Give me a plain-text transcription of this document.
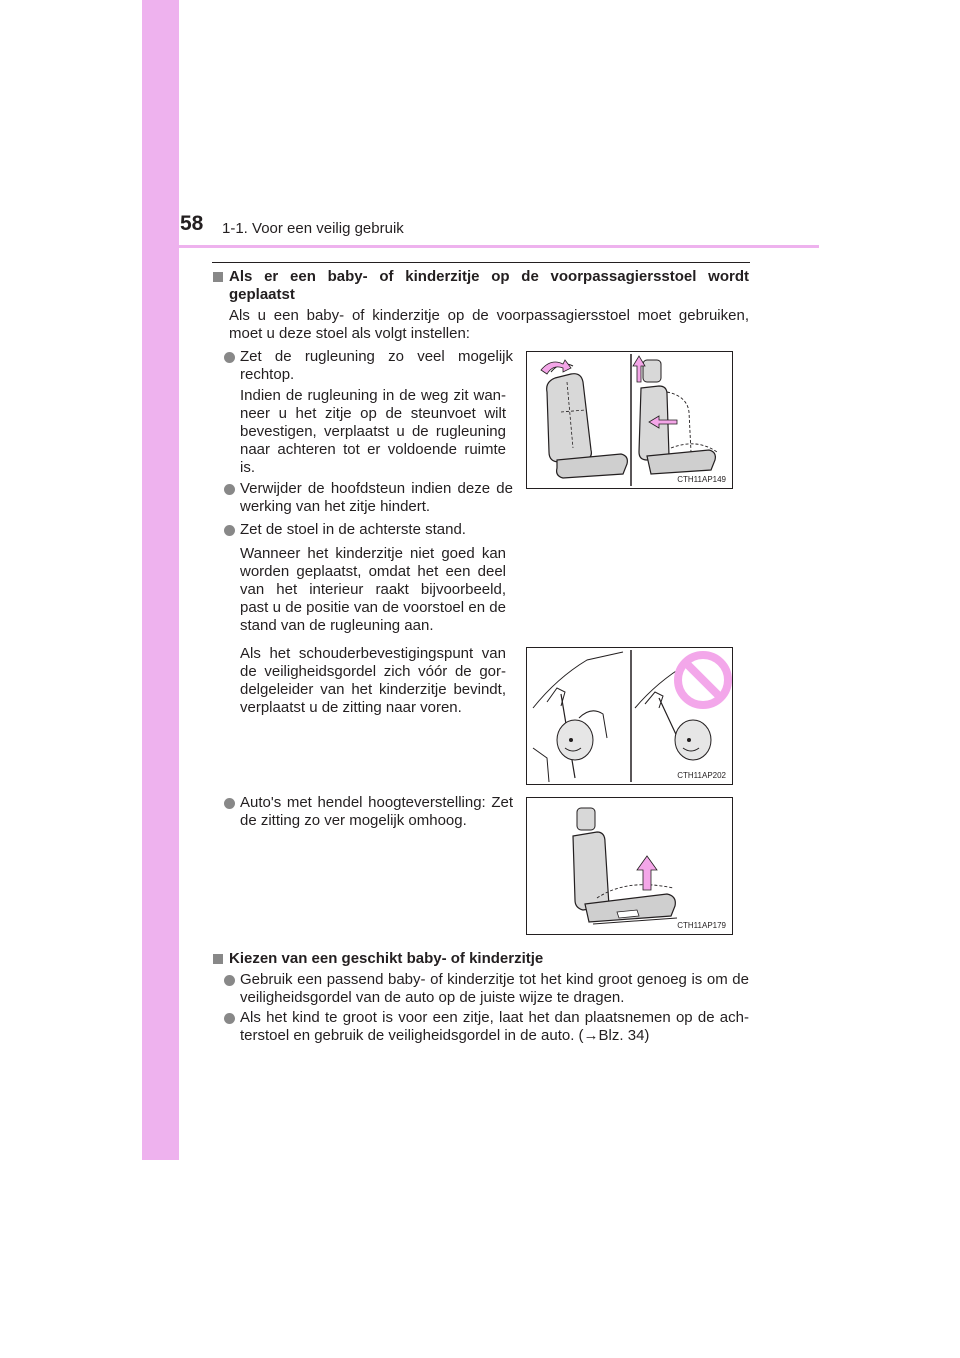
58 1-1. Voor een veilig gebruik
Als er een baby- of kinderzitje op de voorpassagiersstoel wordt
geplaatst
Als u een baby- of kinderzitje op de voorpassagiersstoel moet gebruiken,
moet u deze stoel als volgt instellen:
Zet de rugleuning zo veel mogelijk
rechtop.
Indien de rugleuning in de weg zit wan-
neer u het zitje op de steunvoet wilt
bevestigen, verplaatst u de rugleuning
naar achteren tot er voldoende ruimte
is.
Verwijder de hoofdsteun indien deze de
werking van het zitje hindert.
Zet de stoel in de achterste stand.
Wanneer het kinderzitje niet goed kan
worden geplaatst, omdat het een deel
van het interieur raakt bijvoorbeeld,
past u de positie van de voorstoel en de
stand van de rugleuning aan.
Als het schouderbevestigingspunt van
de veiligheidsgordel zich vóór de gor-
delgeleider van het kinderzitje bevindt,
verplaatst u de zitting naar voren.
Auto's met hendel hoogteverstelling: Zet
de zitting zo ver mogelijk omhoog.
CTH11AP149
CTH11AP202
CTH11AP179
Kiezen van een geschikt baby- of kinderzitje
Gebruik een passend baby- of kinderzitje tot het kind groot genoeg is om de
veiligheidsgordel van de auto op de juiste wijze te dragen.
Als het kind te groot is voor een zitje, laat het dan plaatsnemen op de ach-
terstoel en gebruik de veiligheidsgordel in de auto. (→Blz. 34)
